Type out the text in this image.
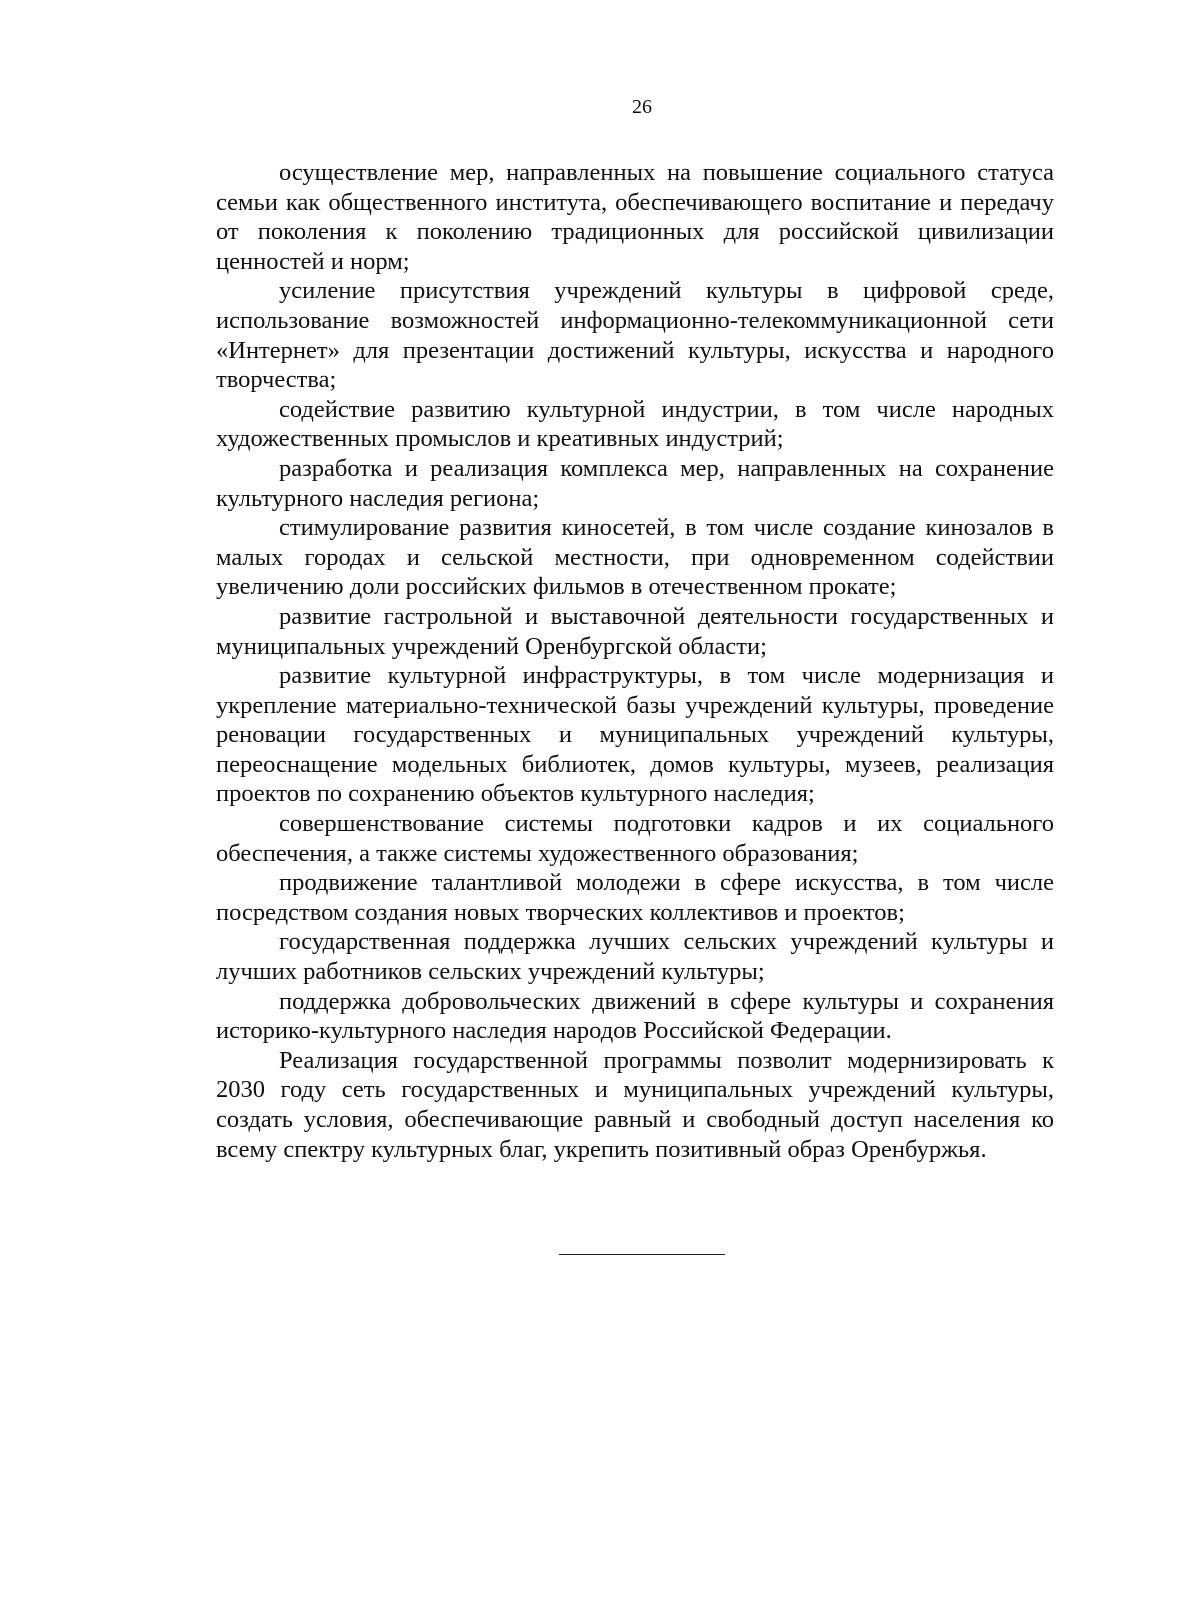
26

осуществление мер, направленных на повышение социального статуса семьи как общественного института, обеспечивающего воспитание и передачу от поколения к поколению традиционных для российской цивилизации ценностей и норм;

усиление присутствия учреждений культуры в цифровой среде, использование возможностей информационно-телекоммуникационной сети «Интернет» для презентации достижений культуры, искусства и народного творчества;

содействие развитию культурной индустрии, в том числе народных художественных промыслов и креативных индустрий;

разработка и реализация комплекса мер, направленных на сохранение культурного наследия региона;

стимулирование развития киносетей, в том числе создание кинозалов в малых городах и сельской местности, при одновременном содействии увеличению доли российских фильмов в отечественном прокате;

развитие гастрольной и выставочной деятельности государственных и муниципальных учреждений Оренбургской области;

развитие культурной инфраструктуры, в том числе модернизация и укрепление материально-технической базы учреждений культуры, проведение реновации государственных и муниципальных учреждений культуры, переоснащение модельных библиотек, домов культуры, музеев, реализация проектов по сохранению объектов культурного наследия;

совершенствование системы подготовки кадров и их социального обеспечения, а также системы художественного образования;

продвижение талантливой молодежи в сфере искусства, в том числе посредством создания новых творческих коллективов и проектов;

государственная поддержка лучших сельских учреждений культуры и лучших работников сельских учреждений культуры;

поддержка добровольческих движений в сфере культуры и сохранения историко-культурного наследия народов Российской Федерации.

Реализация государственной программы позволит модернизировать к 2030 году сеть государственных и муниципальных учреждений культуры, создать условия, обеспечивающие равный и свободный доступ населения ко всему спектру культурных благ, укрепить позитивный образ Оренбуржья.
